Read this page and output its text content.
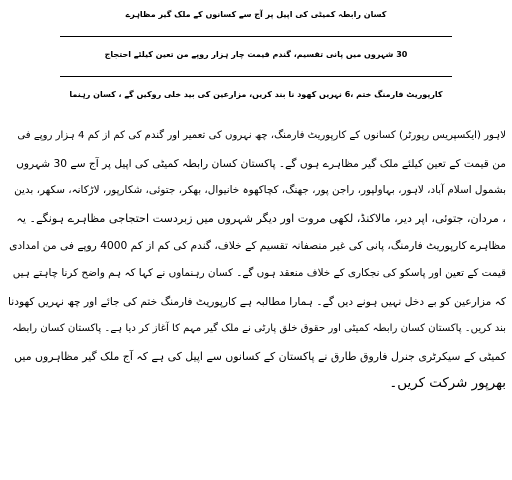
کسان رابطہ کمیٹی کی اپیل پر آج سے کسانوں کے ملک گیر مظاہرے
30 شہروں میں پانی تقسیم، گندم قیمت چار ہزار روپے من تعین کیلئے احتجاج
کارپوریٹ فارمنگ ختم ،6 نہریں کھود نا بند کریں، مزارعین کی بید خلی روکیں گے ، کسان رہنما
لاہور (ایکسپریس رپورٹر) کسانوں کے کارپوریٹ فارمنگ، چھ نہروں کی تعمیر اور گندم کی کم از کم 4 ہزار روپے فی
من قیمت کے تعین کیلئے ملک گیر مظاہرے ہوں گے۔ پاکستان کسان رابطہ کمیٹی کی اپیل پر آج سے 30 شہروں
بشمول اسلام آباد، لاہور، بہاولپور، راجن پور، جھنگ، کچاکھوہ خانیوال، بھکر، جتوئی، شکارپور، لاڑکانہ، سکھر، بدین
، مردان، جتوئی، اپر دیر، مالاکنڈ، لکھی مروت اور دیگر شہروں میں زبردست احتجاجی مظاہرے ہونگے۔ یہ
مظاہرے کارپوریٹ فارمنگ، پانی کی غیر منصفانہ تقسیم کے خلاف، گندم کی کم از کم 4000 روپے فی من امدادی
قیمت کے تعین اور پاسکو کی نجکاری کے خلاف منعقد ہوں گے۔ کسان رہنماوں نے کہا کہ ہم واضح کرنا چاہتے ہیں
کہ مزارعین کو بے دخل نہیں ہونے دیں گے۔ ہمارا مطالبہ ہے کارپوریٹ فارمنگ ختم کی جائے اور چھ نہریں کھودنا
بند کریں۔ پاکستان کسان رابطہ کمیٹی اور حقوق خلق پارٹی نے ملک گیر مہم کا آغاز کر دیا ہے۔ پاکستان کسان رابطہ
کمیٹی کے سیکرٹری جنرل فاروق طارق نے پاکستان کے کسانوں سے اپیل کی ہے کہ آج ملک گیر مظاہروں میں
بھرپور شرکت کریں۔
